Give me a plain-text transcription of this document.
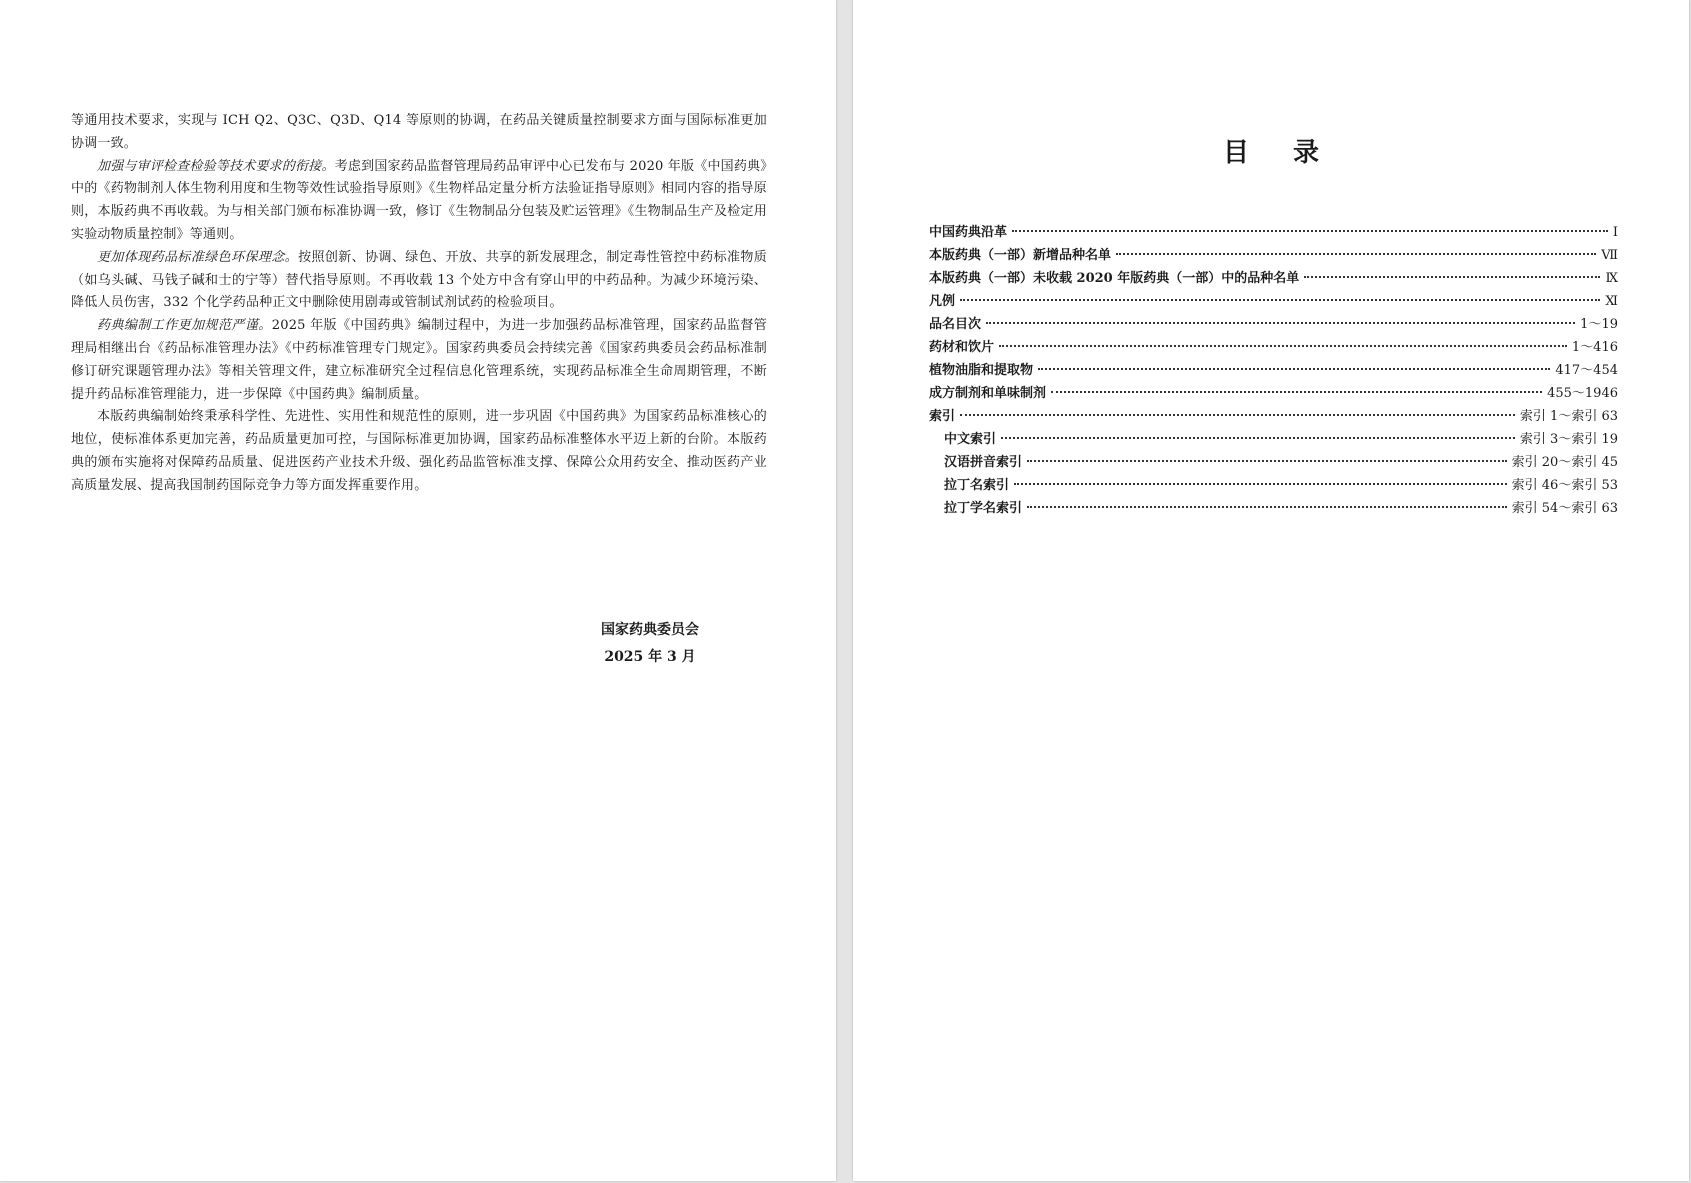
等通用技术要求，实现与 ICH Q2、Q3C、Q3D、Q14 等原则的协调，在药品关键质量控制要求方面与国际标准更加协调一致。

加强与审评检查检验等技术要求的衔接。考虑到国家药品监督管理局药品审评中心已发布与 2020 年版《中国药典》中的《药物制剂人体生物利用度和生物等效性试验指导原则》《生物样品定量分析方法验证指导原则》相同内容的指导原则，本版药典不再收载。为与相关部门颁布标准协调一致，修订《生物制品分包装及贮运管理》《生物制品生产及检定用实验动物质量控制》等通则。

更加体现药品标准绿色环保理念。按照创新、协调、绿色、开放、共享的新发展理念，制定毒性管控中药标准物质（如乌头碱、马钱子碱和士的宁等）替代指导原则。不再收载 13 个处方中含有穿山甲的中药品种。为减少环境污染、降低人员伤害，332 个化学药品种正文中删除使用剧毒或管制试剂试药的检验项目。

药典编制工作更加规范严谨。2025 年版《中国药典》编制过程中，为进一步加强药品标准管理，国家药品监督管理局相继出台《药品标准管理办法》《中药标准管理专门规定》。国家药典委员会持续完善《国家药典委员会药品标准制修订研究课题管理办法》等相关管理文件，建立标准研究全过程信息化管理系统，实现药品标准全生命周期管理，不断提升药品标准管理能力，进一步保障《中国药典》编制质量。

本版药典编制始终秉承科学性、先进性、实用性和规范性的原则，进一步巩固《中国药典》为国家药品标准核心的地位，使标准体系更加完善，药品质量更加可控，与国际标准更加协调，国家药品标准整体水平迈上新的台阶。本版药典的颁布实施将对保障药品质量、促进医药产业技术升级、强化药品监管标准支撑、保障公众用药安全、推动医药产业高质量发展、提高我国制药国际竞争力等方面发挥重要作用。

国家药典委员会
2025 年 3 月
目录
中国药典沿革	Ⅰ
本版药典（一部）新增品种名单	Ⅶ
本版药典（一部）未收载 2020 年版药典（一部）中的品种名单	Ⅸ
凡例	Ⅺ
品名目次	1～19
药材和饮片	1～416
植物油脂和提取物	417～454
成方制剂和单味制剂	455～1946
索引	索引 1～索引 63
中文索引	索引 3～索引 19
汉语拼音索引	索引 20～索引 45
拉丁名索引	索引 46～索引 53
拉丁学名索引	索引 54～索引 63
